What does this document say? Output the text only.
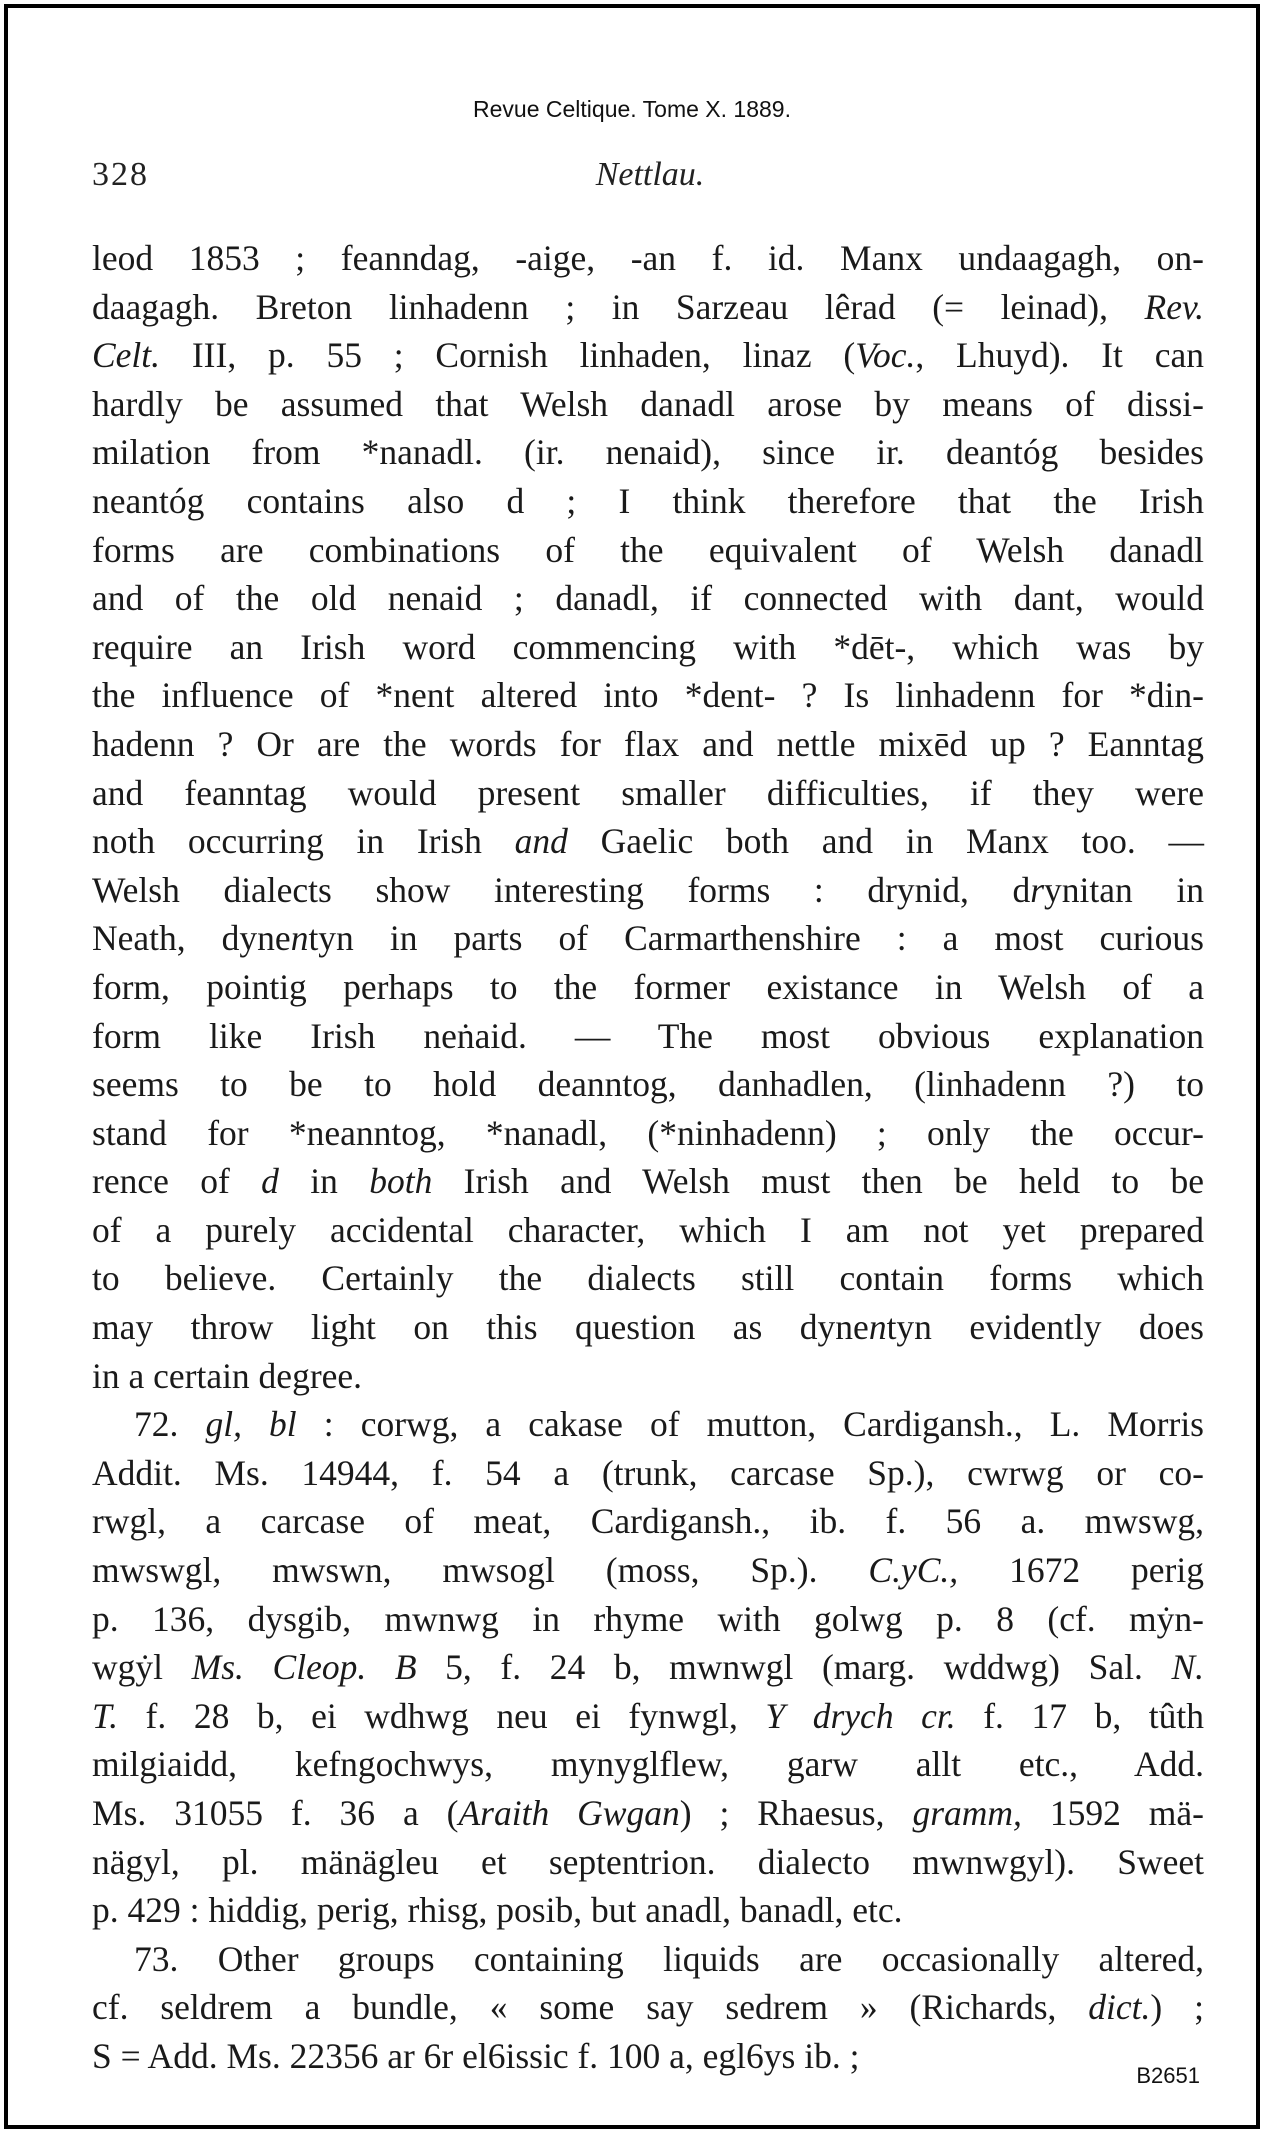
Revue Celtique. Tome X. 1889.
328	Nettlau.
leod 1853 ; feanndag, -aige, -an f. id. Manx undaagagh, on-
daagagh. Breton linhadenn ; in Sarzeau lêrad (= leinad), Rev.
Celt. III, p. 55 ; Cornish linhaden, linaz (Voc., Lhuyd). It can
hardly be assumed that Welsh danadl arose by means of dissi-
milation from *nanadl. (ir. nenaid), since ir. deantóg besides
neantóg contains also d ; I think therefore that the Irish
forms are combinations of the equivalent of Welsh danadl
and of the old nenaid ; danadl, if connected with dant, would
require an Irish word commencing with *dēt-, which was by
the influence of *nent altered into *dent- ? Is linhadenn for *din-
hadenn ? Or are the words for flax and nettle mixēd up ? Eanntag
and feanntag would present smaller difficulties, if they were
noth occurring in Irish and Gaelic both and in Manx too. —
Welsh dialects show interesting forms : drynid, drynitan in
Neath, dynentyn in parts of Carmarthenshire : a most curious
form, pointig perhaps to the former existance in Welsh of a
form like Irish neṅaid. — The most obvious explanation
seems to be to hold deanntog, danhadlen, (linhadenn ?) to
stand for *neanntog, *nanadl, (*ninhadenn) ; only the occur-
rence of d in both Irish and Welsh must then be held to be
of a purely accidental character, which I am not yet prepared
to believe. Certainly the dialects still contain forms which
may throw light on this question as dynentyn evidently does
in a certain degree.
72. gl, bl : corwg, a cakase of mutton, Cardigansh., L. Morris
Addit. Ms. 14944, f. 54 a (trunk, carcase Sp.), cwrwg or co-
rwgl, a carcase of meat, Cardigansh., ib. f. 56 a. mwswg,
mwswgl, mwswn, mwsogl (moss, Sp.). C.yC., 1672 perig
p. 136, dysgib, mwnwg in rhyme with golwg p. 8 (cf. mẏn-
wgẏl Ms. Cleop. B 5, f. 24 b, mwnwgl (marg. wddwg) Sal. N.
T. f. 28 b, ei wdhwg neu ei fynwgl, Y drych cr. f. 17 b, tûth
milgiaidd, kefngochwys, mynyglflew, garw allt etc., Add.
Ms. 31055 f. 36 a (Araith Gwgan) ; Rhaesus, gramm, 1592 mä-
nägyl, pl. mänägleu et septentrion. dialecto mwnwgyl). Sweet
p. 429 : hiddig, perig, rhisg, posib, but anadl, banadl, etc.
73. Other groups containing liquids are occasionally altered,
cf. seldrem a bundle, « some say sedrem » (Richards, dict.) ;
S = Add. Ms. 22356 ar 6r el6issic f. 100 a, egl6ys ib. ;	B2651
